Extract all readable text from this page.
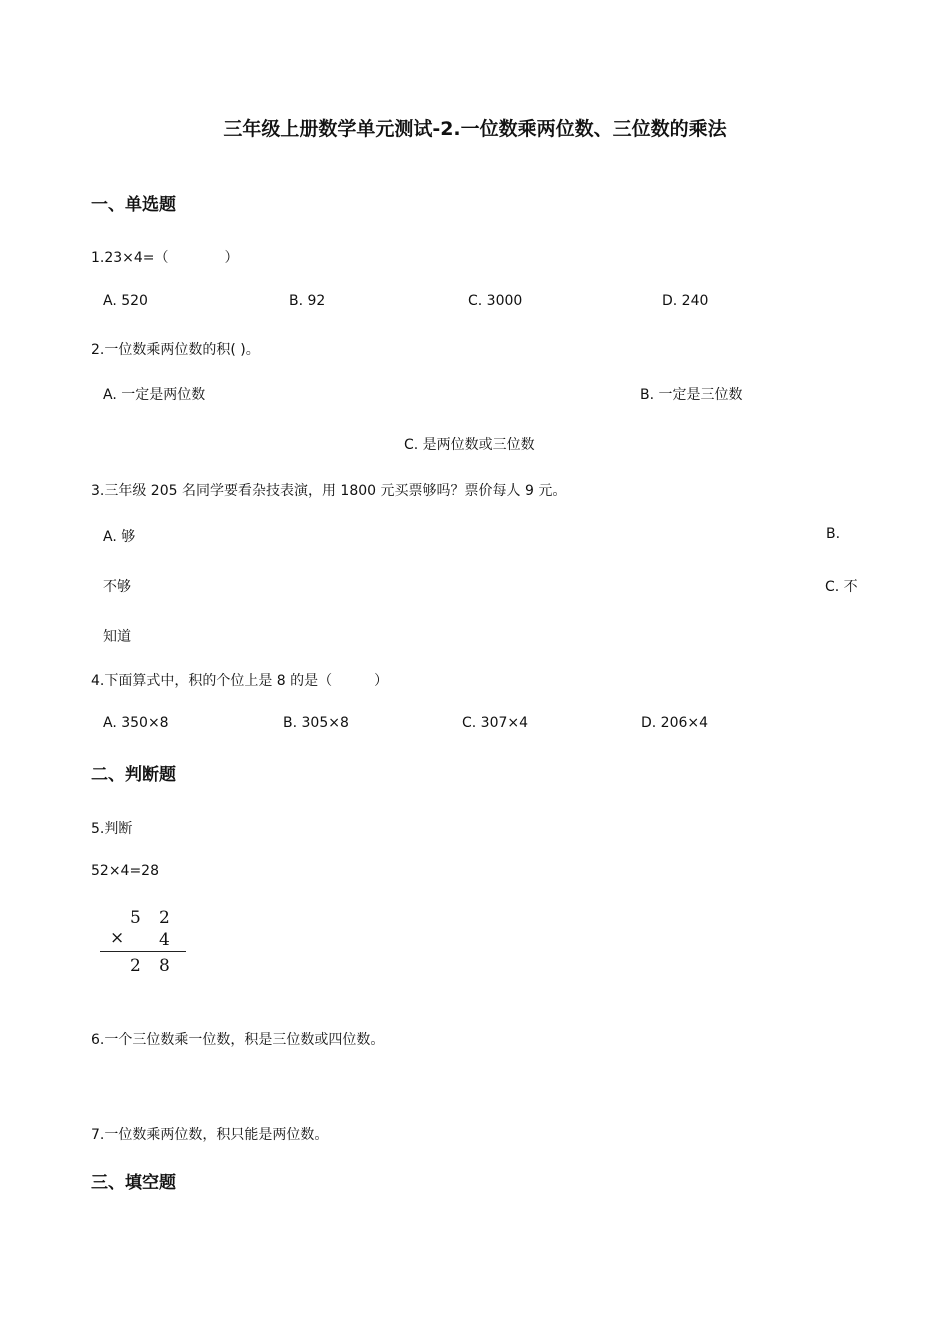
三年级上册数学单元测试-2.一位数乘两位数、三位数的乘法
一、单选题
1.23×4=（　　　　）
A. 520	B. 92	C. 3000	D. 240
2.一位数乘两位数的积( )。
A. 一定是两位数	B. 一定是三位数
C. 是两位数或三位数
3.三年级 205 名同学要看杂技表演，用 1800 元买票够吗？票价每人 9 元。
A. 够	B.
不够	C. 不
知道
4.下面算式中，积的个位上是 8 的是（　　　）
A. 350×8	B. 305×8	C. 307×4	D. 206×4
二、判断题
5.判断
52×4=28
5 2
× 4
2 8
6.一个三位数乘一位数，积是三位数或四位数。
7.一位数乘两位数，积只能是两位数。
三、填空题
